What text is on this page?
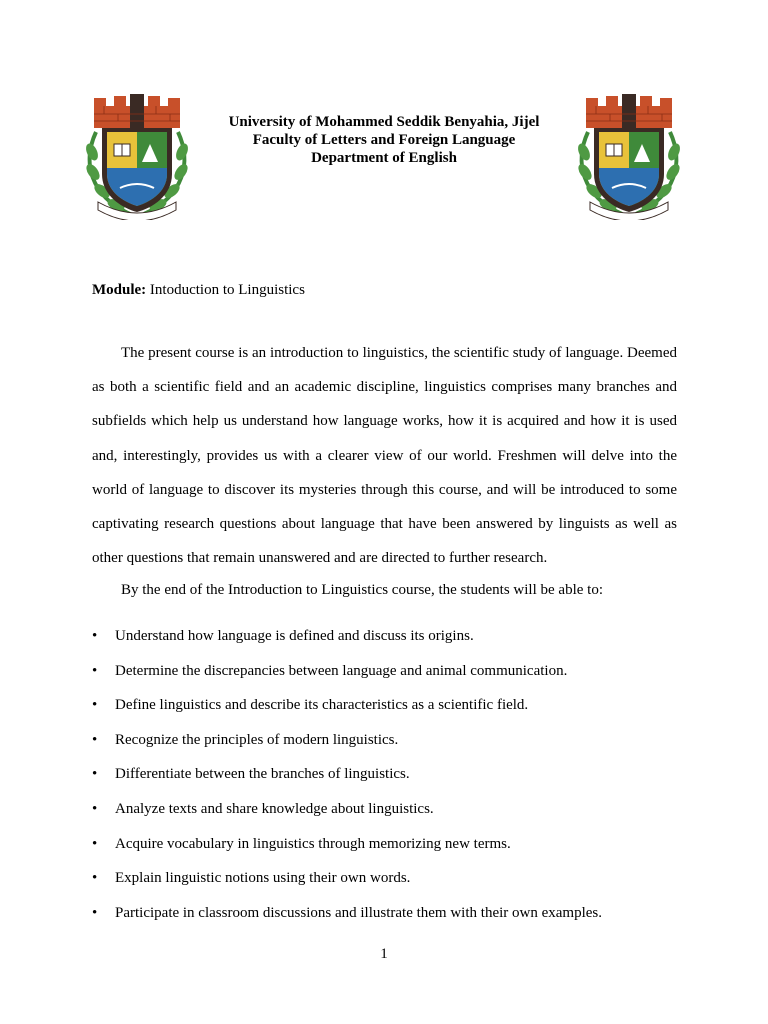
University of Mohammed Seddik Benyahia, Jijel
Faculty of Letters and Foreign Language
Department of English
Module: Intoduction to Linguistics

The present course is an introduction to linguistics, the scientific study of language. Deemed as both a scientific field and an academic discipline, linguistics comprises many branches and subfields which help us understand how language works, how it is acquired and how it is used and, interestingly, provides us with a clearer view of our world. Freshmen will delve into the world of language to discover its mysteries through this course, and will be introduced to some captivating research questions about language that have been answered by linguists as well as other questions that remain unanswered and are directed to further research.

By the end of the Introduction to Linguistics course, the students will be able to:

• Understand how language is defined and discuss its origins.
• Determine the discrepancies between language and animal communication.
• Define linguistics and describe its characteristics as a scientific field.
• Recognize the principles of modern linguistics.
• Differentiate between the branches of linguistics.
• Analyze texts and share knowledge about linguistics.
• Acquire vocabulary in linguistics through memorizing new terms.
• Explain linguistic notions using their own words.
• Participate in classroom discussions and illustrate them with their own examples.
1
